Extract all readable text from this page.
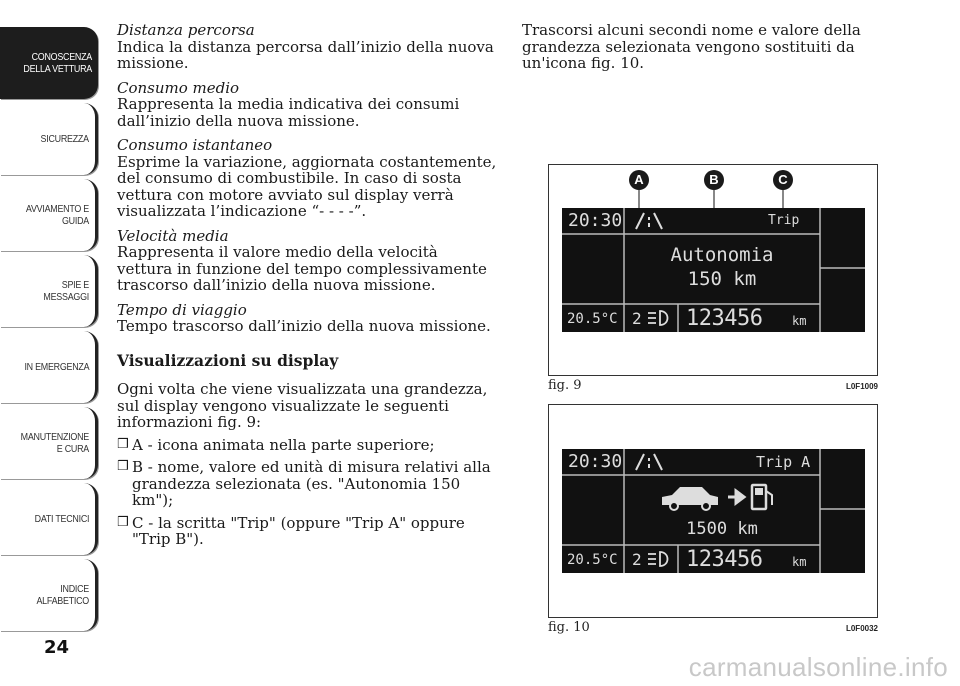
CONOSCENZA DELLA VETTURA
SICUREZZA
AVVIAMENTO E GUIDA
SPIE E MESSAGGI
IN EMERGENZA
MANUTENZIONE E CURA
DATI TECNICI
INDICE ALFABETICO
24

Distanza percorsa

Indica la distanza percorsa dall’inizio della nuova missione.

Consumo medio

Rappresenta la media indicativa dei consumi dall’inizio della nuova missione.

Consumo istantaneo

Esprime la variazione, aggiornata costantemente, del consumo di combustibile. In caso di sosta vettura con motore avviato sul display verrà visualizzata l’indicazione “- - - -”.

Velocità media

Rappresenta il valore medio della velocità vettura in funzione del tempo complessivamente trascorso dall’inizio della nuova missione.

Tempo di viaggio

Tempo trascorso dall’inizio della nuova missione.

Visualizzazioni su display

Ogni volta che viene visualizzata una grandezza, sul display vengono visualizzate le seguenti informazioni fig. 9:

❒ A - icona animata nella parte superiore;
❒ B - nome, valore ed unità di misura relativi alla grandezza selezionata (es. "Autonomia 150 km");
❒ C - la scritta "Trip" (oppure "Trip A" oppure "Trip B").
Trascorsi alcuni secondi nome e valore della grandezza selezionata vengono sostituiti da un'icona fig. 10.
A	B	C
20:30	Trip
Autonomia
150 km
20.5°C 2 123456 km
fig. 9	L0F1009
20:30	Trip A
1500 km
20.5°C 2 123456 km
fig. 10	L0F0032
carmanualsonline.info
